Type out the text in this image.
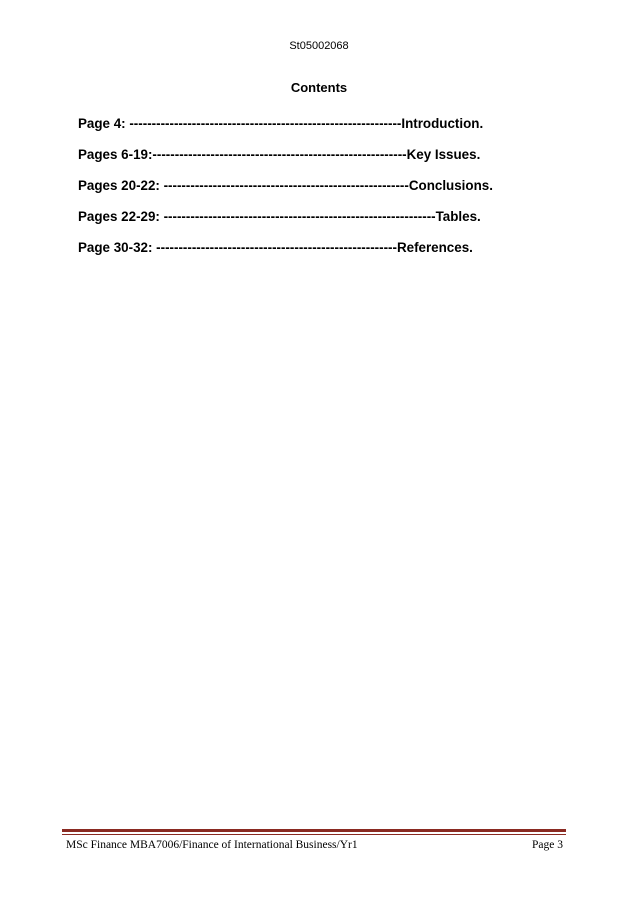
St05002068
Contents
Page 4: -------------------------------------------------------------Introduction.
Pages 6-19:---------------------------------------------------------Key Issues.
Pages 20-22: -------------------------------------------------------Conclusions.
Pages 22-29: -------------------------------------------------------------Tables.
Page 30-32: ------------------------------------------------------References.
MSc Finance MBA7006/Finance of International Business/Yr1	Page 3
